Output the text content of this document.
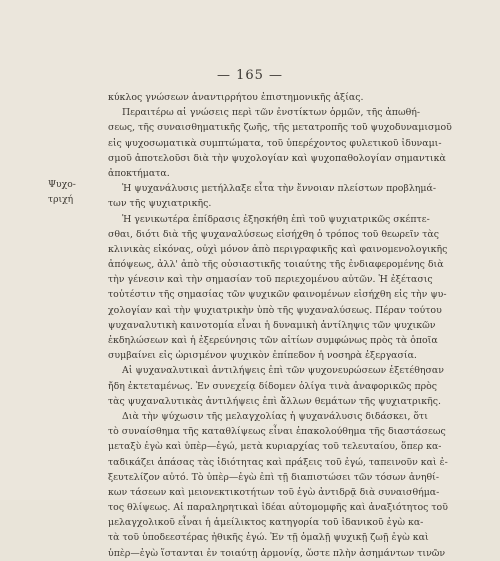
— 165 —
Ψυχο-
τριχή
κύκλος γνώσεων ἀναντιρρήτου ἐπιστημονικῆς ἀξίας.
Περαιτέρω αἱ γνώσεις περὶ τῶν ἐνστίκτων ὁρμῶν, τῆς ἀπωθή-
σεως, τῆς συναισθηματικῆς ζωῆς, τῆς μετατροπῆς τοῦ ψυχοδυναμισμοῦ
εἰς ψυχοσωματικὰ συμπτώματα, τοῦ ὑπερέχοντος φυλετικοῦ ἰδυναμι-
σμοῦ ἀποτελοῦσι διὰ τὴν ψυχολογίαν καὶ ψυχοπαθολογίαν σημαντικὰ
ἀποκτήματα.
Ἡ ψυχανάλυσις μετήλλαξε εἶτα τὴν ἔννοιαν πλείστων προβλημά-
των τῆς ψυχιατρικῆς.
Ἡ γενικωτέρα ἐπίδρασις ἐξησκήθη ἐπὶ τοῦ ψυχιατρικῶς σκέπτε-
σθαι, διότι διὰ τῆς ψυχαναλύσεως εἰσήχθη ὁ τρόπος τοῦ θεωρεῖν τὰς
κλινικὰς εἰκόνας, οὐχὶ μόνον ἀπὸ περιγραφικῆς καὶ φαινομενολογικῆς
ἀπόψεως, ἀλλ' ἀπὸ τῆς οὐσιαστικῆς τοιαύτης τῆς ἐνδιαφερομένης διὰ
τὴν γένεσιν καὶ τὴν σημασίαν τοῦ περιεχομένου αὐτῶν. Ἡ ἐξέτασις
τοὐτέστιν τῆς σημασίας τῶν ψυχικῶν φαινομένων εἰσήχθη εἰς τὴν ψυ-
χολογίαν καὶ τὴν ψυχιατρικὴν ὑπὸ τῆς ψυχαναλύσεως. Πέραν τούτου
ψυχαναλυτικὴ καινοτομία εἶναι ἡ δυναμικὴ ἀντίληψις τῶν ψυχικῶν
ἐκδηλώσεων καὶ ἡ ἐξερεύνησις τῶν αἰτίων συμφώνως πρὸς τὰ ὁποῖα
συμβαίνει εἰς ὡρισμένον ψυχικὸν ἐπίπεδον ἡ νοσηρὰ ἐξεργασία.
Αἱ ψυχαναλυτικαὶ ἀντιλήψεις ἐπὶ τῶν ψυχονευρώσεων ἐξετέθησαν
ἤδη ἐκτεταμένως. Ἐν συνεχείᾳ δίδομεν ὀλίγα τινὰ ἀναφορικῶς πρὸς
τὰς ψυχαναλυτικὰς ἀντιλήψεις ἐπὶ ἄλλων θεμάτων τῆς ψυχιατρικῆς.
Διὰ τὴν ψύχωσιν τῆς μελαγχολίας ἡ ψυχανάλυσις διδάσκει, ὅτι
τὸ συναίσθημα τῆς καταθλίψεως εἶναι ἐπακολούθημα τῆς διαστάσεως
μεταξὺ ἐγὼ καὶ ὑπὲρ—ἐγώ, μετὰ κυριαρχίας τοῦ τελευταίου, ὅπερ κα-
ταδικάζει ἁπάσας τὰς ἰδιότητας καὶ πράξεις τοῦ ἐγώ, ταπεινοῦν καὶ ἐ-
ξευτελίζον αὐτό. Τὸ ὑπὲρ—ἐγὼ ἐπὶ τῇ διαπιστώσει τῶν τόσων ἀνηθί-
κων τάσεων καὶ μειονεκτικοτήτων τοῦ ἐγὼ ἀντιδρᾷ διὰ συναισθήμα-
τος θλίψεως. Αἱ παραληρητικαὶ ἰδέαι αὐτομομφῆς καὶ ἀναξιότητος τοῦ
μελαγχολικοῦ εἶναι ἡ ἀμείλικτος κατηγορία τοῦ ἰδανικοῦ ἐγὼ κα-
τὰ τοῦ ὑποδεεστέρας ἠθικῆς ἐγώ. Ἐν τῇ ὁμαλῇ ψυχικῇ ζωῇ ἐγὼ καὶ
ὑπὲρ—ἐγὼ ἵστανται ἐν τοιαύτῃ ἁρμονίᾳ, ὥστε πλὴν ἀσημάντων τινῶν
